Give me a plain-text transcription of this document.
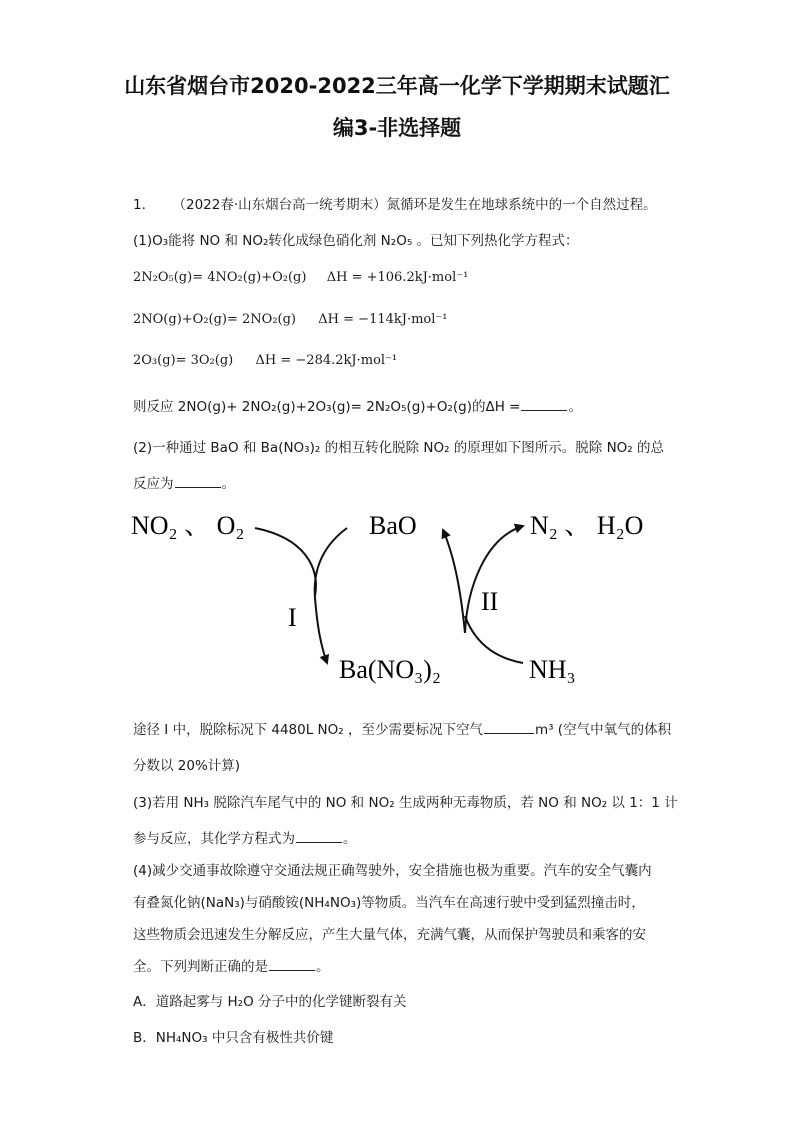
山东省烟台市2020-2022三年高一化学下学期期末试题汇
编3-非选择题
1. （2022春·山东烟台高一统考期末）氮循环是发生在地球系统中的一个自然过程。
(1)O₃能将 NO 和 NO₂转化成绿色硝化剂 N₂O₅ 。已知下列热化学方程式：
2N₂O₅(g)= 4NO₂(g)+O₂(g) ΔH = +106.2kJ·mol⁻¹
2NO(g)+O₂(g)= 2NO₂(g) ΔH = −114kJ·mol⁻¹
2O₃(g)= 3O₂(g) ΔH = −284.2kJ·mol⁻¹
则反应 2NO(g)+ 2NO₂(g)+2O₃(g)= 2N₂O₅(g)+O₂(g)的ΔH =	。
(2)一种通过 BaO 和 Ba(NO₃)₂ 的相互转化脱除 NO₂ 的原理如下图所示。脱除 NO₂ 的总
反应为	。
NO₂ 、 O₂	BaO	N₂ 、 H₂O
I
II
Ba(NO₃)₂	NH₃
途径 I 中，脱除标况下 4480L NO₂ ，至少需要标况下空气	m³ (空气中氧气的体积
分数以 20%计算)
(3)若用 NH₃ 脱除汽车尾气中的 NO 和 NO₂ 生成两种无毒物质，若 NO 和 NO₂ 以 1：1 计
参与反应，其化学方程式为	。
(4)减少交通事故除遵守交通法规正确驾驶外，安全措施也极为重要。汽车的安全气囊内
有叠氮化钠(NaN₃)与硝酸铵(NH₄NO₃)等物质。当汽车在高速行驶中受到猛烈撞击时，
这些物质会迅速发生分解反应，产生大量气体，充满气囊，从而保护驾驶员和乘客的安
全。下列判断正确的是	。
A．道路起雾与 H₂O 分子中的化学键断裂有关
B．NH₄NO₃ 中只含有极性共价键
